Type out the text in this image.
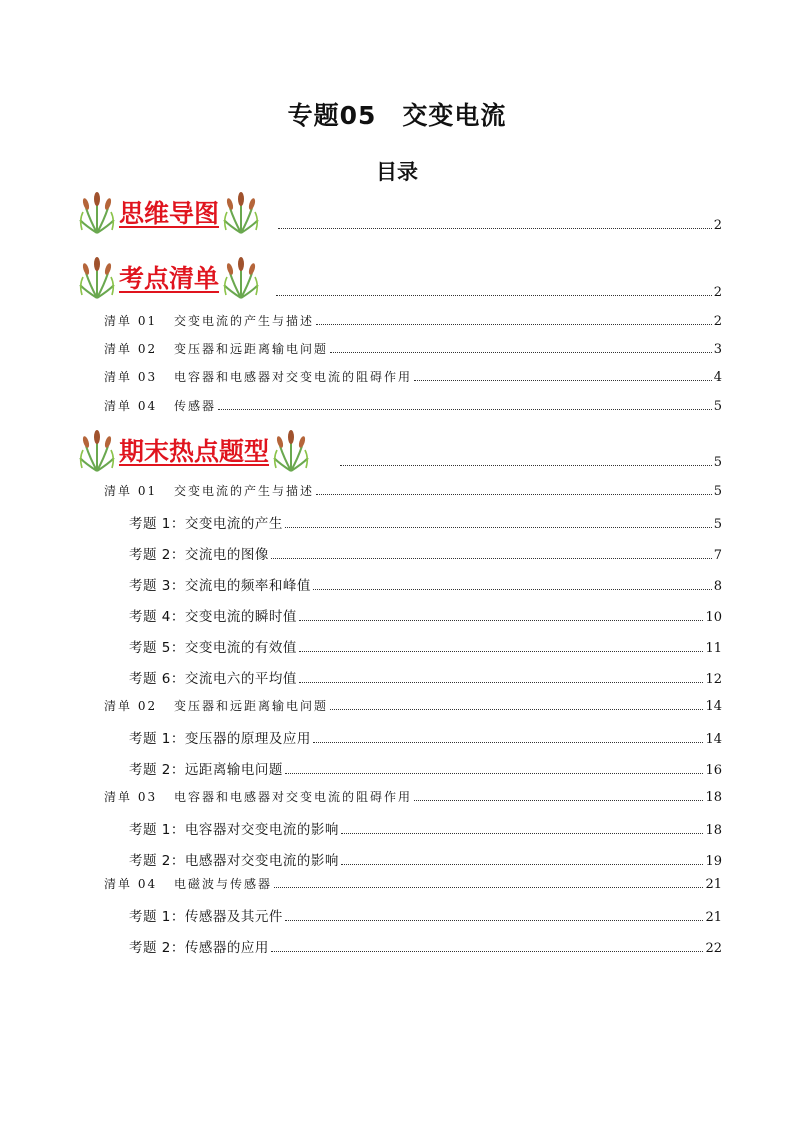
专题05　交变电流
目录
思维导图	2
考点清单	2
清单 01	交变电流的产生与描述	2
清单 02	变压器和远距离输电问题	3
清单 03	电容器和电感器对交变电流的阻碍作用	4
清单 04	传感器	5
期末热点题型	5
清单 01	交变电流的产生与描述	5
考题 1：交变电流的产生	5
考题 2：交流电的图像	7
考题 3：交流电的频率和峰值	8
考题 4：交变电流的瞬时值	10
考题 5：交变电流的有效值	11
考题 6：交流电六的平均值	12
清单 02	变压器和远距离输电问题	14
考题 1：变压器的原理及应用	14
考题 2：远距离输电问题	16
清单 03	电容器和电感器对交变电流的阻碍作用	18
考题 1：电容器对交变电流的影响	18
考题 2：电感器对交变电流的影响	19
清单 04	电磁波与传感器	21
考题 1：传感器及其元件	21
考题 2：传感器的应用	22
